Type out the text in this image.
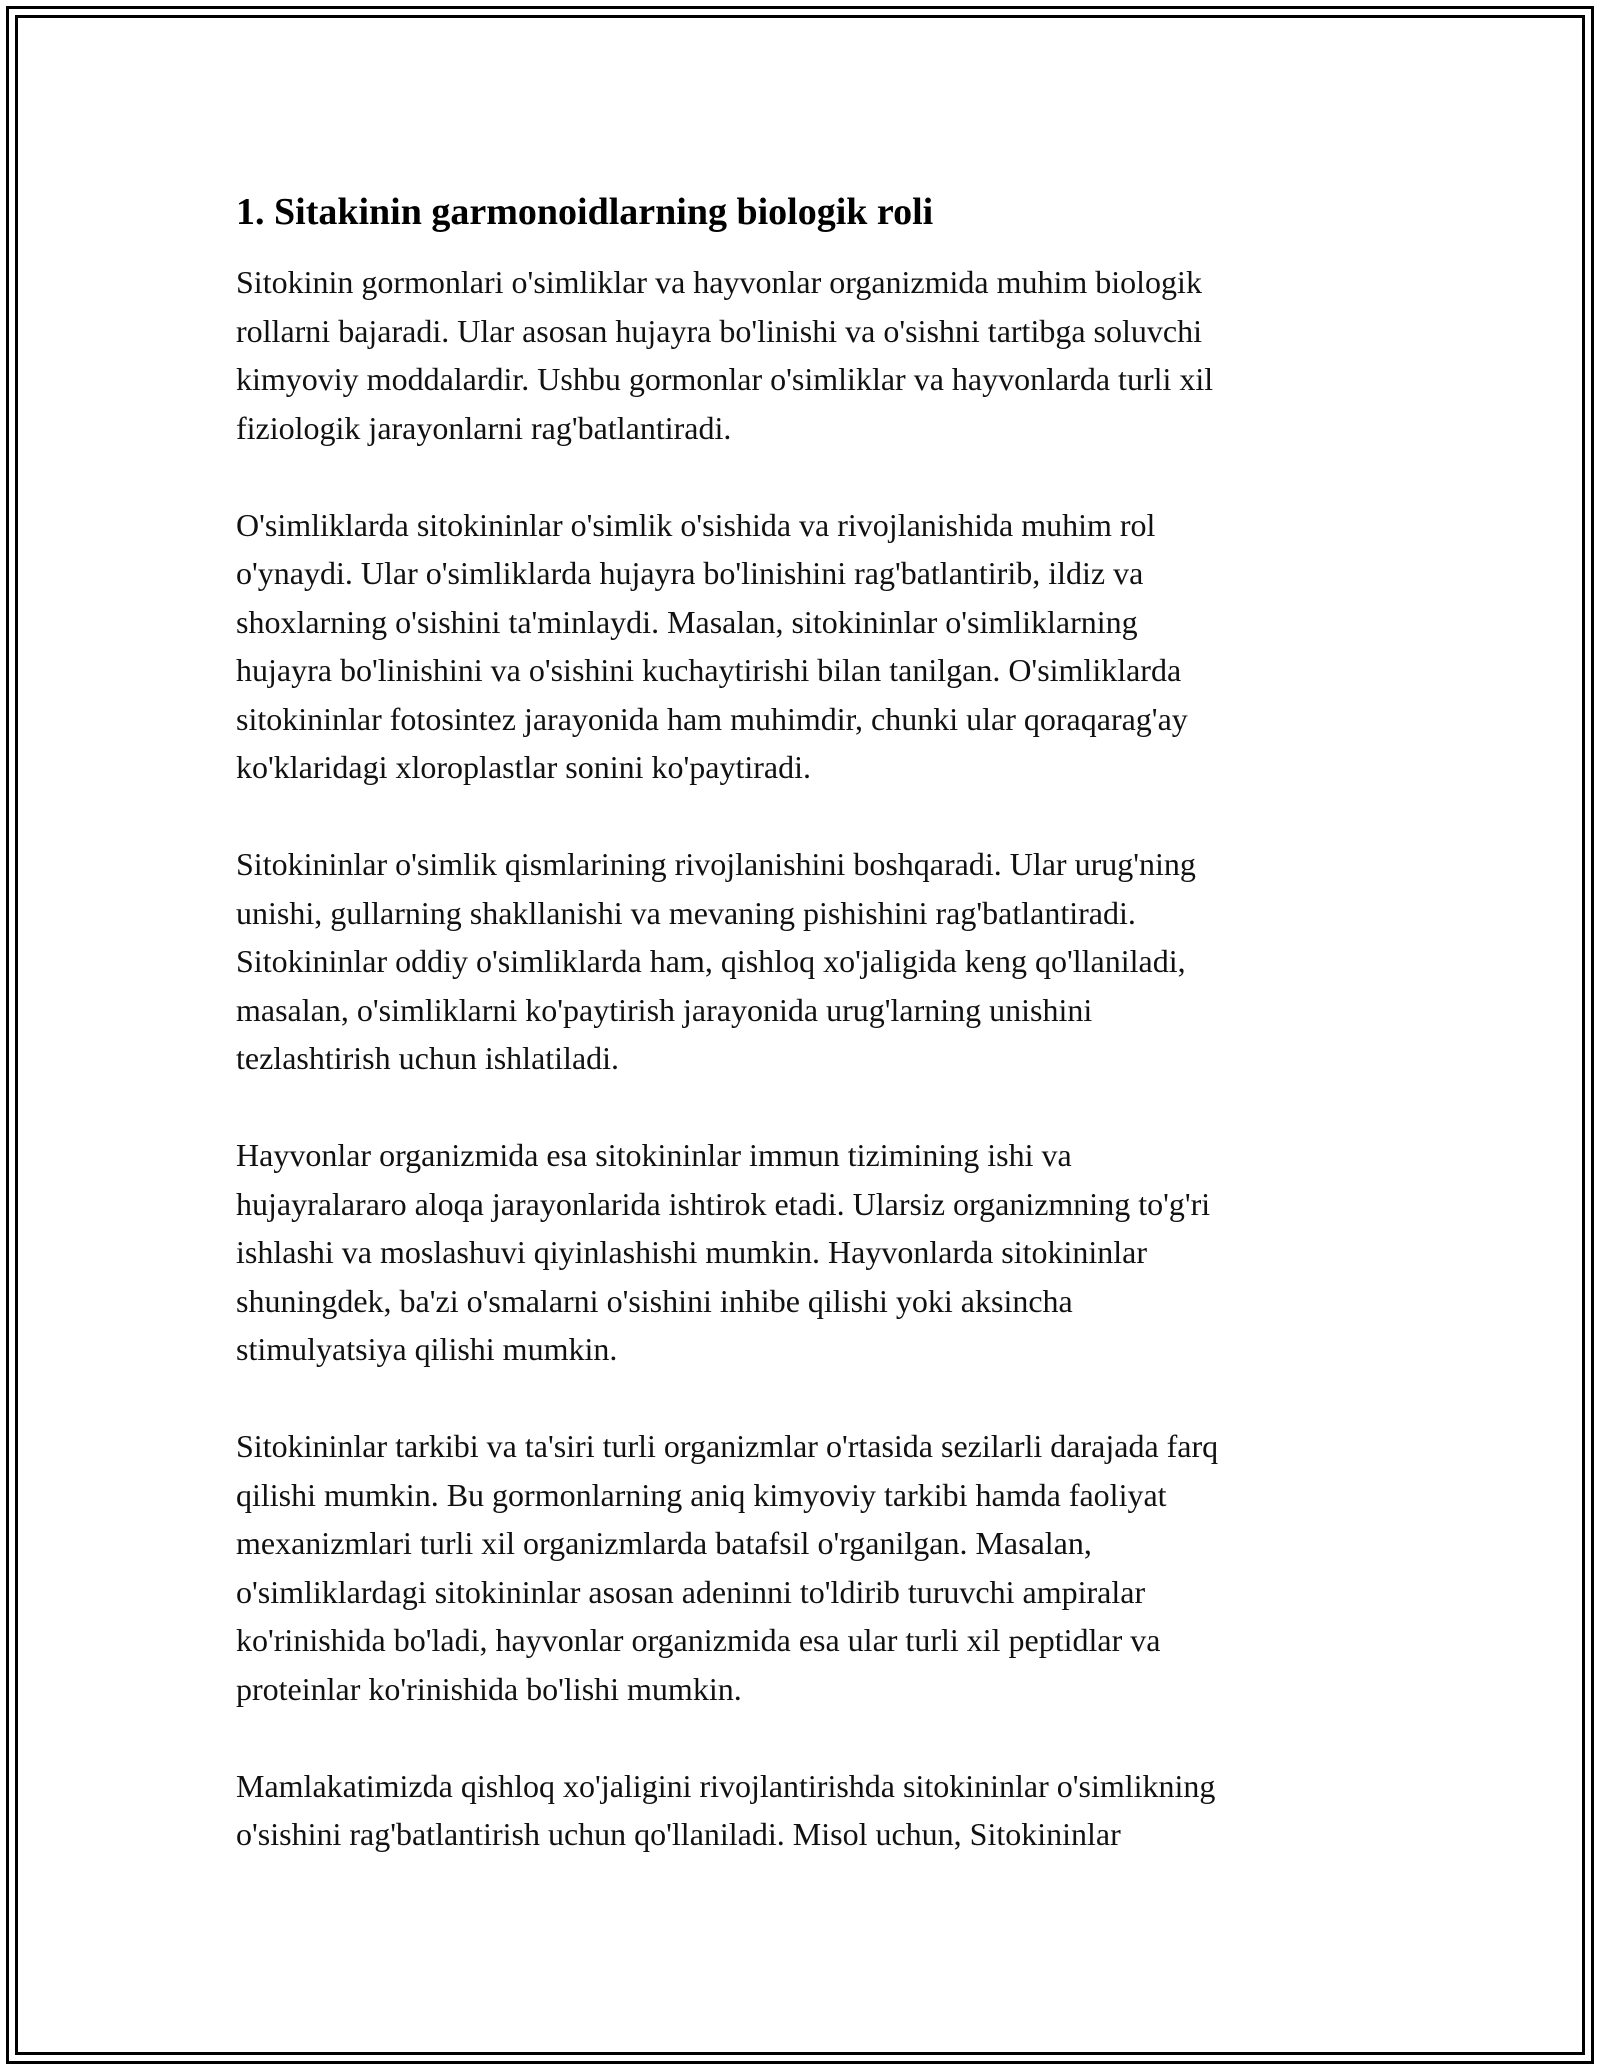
1. Sitakinin garmonoidlarning biologik roli

Sitokinin gormonlari o'simliklar va hayvonlar organizmida muhim biologik
rollarni bajaradi. Ular asosan hujayra bo'linishi va o'sishni tartibga soluvchi
kimyoviy moddalardir. Ushbu gormonlar o'simliklar va hayvonlarda turli xil
fiziologik jarayonlarni rag'batlantiradi.

O'simliklarda sitokininlar o'simlik o'sishida va rivojlanishida muhim rol
o'ynaydi. Ular o'simliklarda hujayra bo'linishini rag'batlantirib, ildiz va
shoxlarning o'sishini ta'minlaydi. Masalan, sitokininlar o'simliklarning
hujayra bo'linishini va o'sishini kuchaytirishi bilan tanilgan. O'simliklarda
sitokininlar fotosintez jarayonida ham muhimdir, chunki ular qoraqarag'ay
ko'klaridagi xloroplastlar sonini ko'paytiradi.

Sitokininlar o'simlik qismlarining rivojlanishini boshqaradi. Ular urug'ning
unishi, gullarning shakllanishi va mevaning pishishini rag'batlantiradi.
Sitokininlar oddiy o'simliklarda ham, qishloq xo'jaligida keng qo'llaniladi,
masalan, o'simliklarni ko'paytirish jarayonida urug'larning unishini
tezlashtirish uchun ishlatiladi.

Hayvonlar organizmida esa sitokininlar immun tizimining ishi va
hujayralararo aloqa jarayonlarida ishtirok etadi. Ularsiz organizmning to'g'ri
ishlashi va moslashuvi qiyinlashishi mumkin. Hayvonlarda sitokininlar
shuningdek, ba'zi o'smalarni o'sishini inhibe qilishi yoki aksincha
stimulyatsiya qilishi mumkin.

Sitokininlar tarkibi va ta'siri turli organizmlar o'rtasida sezilarli darajada farq
qilishi mumkin. Bu gormonlarning aniq kimyoviy tarkibi hamda faoliyat
mexanizmlari turli xil organizmlarda batafsil o'rganilgan. Masalan,
o'simliklardagi sitokininlar asosan adeninni to'ldirib turuvchi ampiralar
ko'rinishida bo'ladi, hayvonlar organizmida esa ular turli xil peptidlar va
proteinlar ko'rinishida bo'lishi mumkin.

Mamlakatimizda qishloq xo'jaligini rivojlantirishda sitokininlar o'simlikning
o'sishini rag'batlantirish uchun qo'llaniladi. Misol uchun, Sitokininlar
